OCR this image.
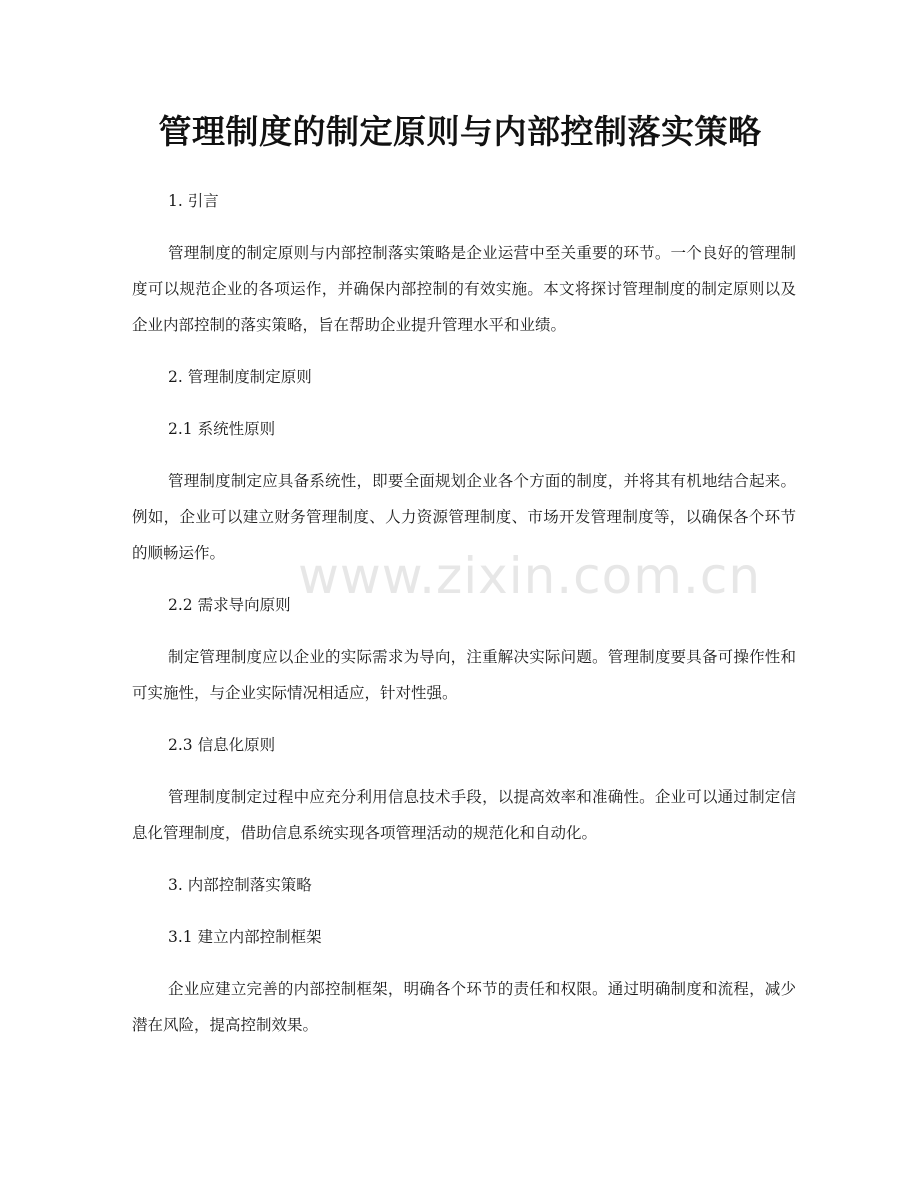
管理制度的制定原则与内部控制落实策略
1. 引言
管理制度的制定原则与内部控制落实策略是企业运营中至关重要的环节。一个良好的管理制度可以规范企业的各项运作，并确保内部控制的有效实施。本文将探讨管理制度的制定原则以及企业内部控制的落实策略，旨在帮助企业提升管理水平和业绩。
2. 管理制度制定原则
2.1 系统性原则
管理制度制定应具备系统性，即要全面规划企业各个方面的制度，并将其有机地结合起来。例如，企业可以建立财务管理制度、人力资源管理制度、市场开发管理制度等，以确保各个环节的顺畅运作。
2.2 需求导向原则
制定管理制度应以企业的实际需求为导向，注重解决实际问题。管理制度要具备可操作性和可实施性，与企业实际情况相适应，针对性强。
2.3 信息化原则
管理制度制定过程中应充分利用信息技术手段，以提高效率和准确性。企业可以通过制定信息化管理制度，借助信息系统实现各项管理活动的规范化和自动化。
3. 内部控制落实策略
3.1 建立内部控制框架
企业应建立完善的内部控制框架，明确各个环节的责任和权限。通过明确制度和流程，减少潜在风险，提高控制效果。
www.zixin.com.cn
